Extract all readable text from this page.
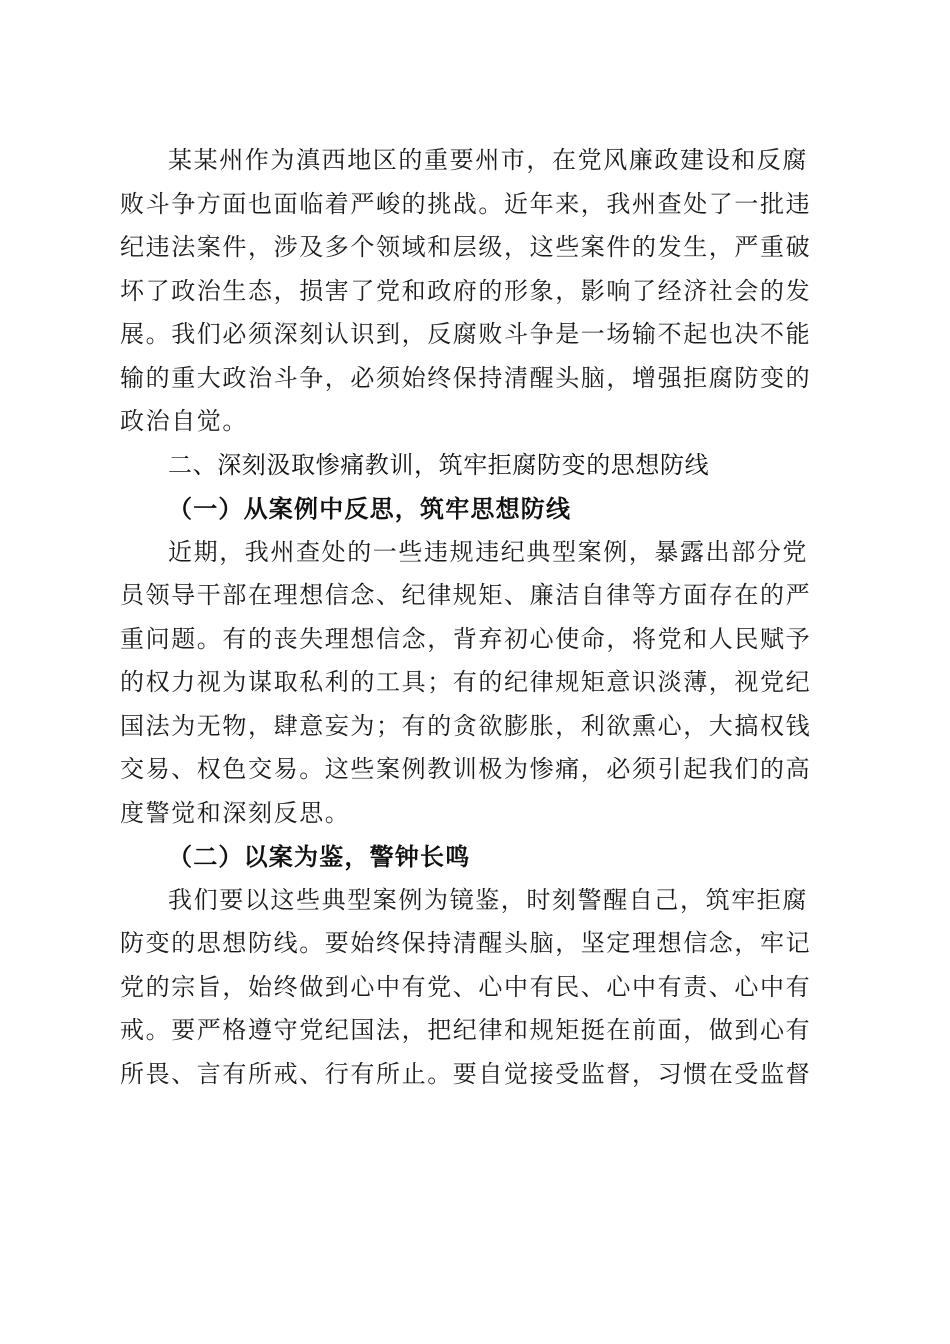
某某州作为滇西地区的重要州市，在党风廉政建设和反腐
败斗争方面也面临着严峻的挑战。近年来，我州查处了一批违
纪违法案件，涉及多个领域和层级，这些案件的发生，严重破
坏了政治生态，损害了党和政府的形象，影响了经济社会的发
展。我们必须深刻认识到，反腐败斗争是一场输不起也决不能
输的重大政治斗争，必须始终保持清醒头脑，增强拒腐防变的
政治自觉。

二、深刻汲取惨痛教训，筑牢拒腐防变的思想防线

（一）从案例中反思，筑牢思想防线

近期，我州查处的一些违规违纪典型案例，暴露出部分党
员领导干部在理想信念、纪律规矩、廉洁自律等方面存在的严
重问题。有的丧失理想信念，背弃初心使命，将党和人民赋予
的权力视为谋取私利的工具；有的纪律规矩意识淡薄，视党纪
国法为无物，肆意妄为；有的贪欲膨胀，利欲熏心，大搞权钱
交易、权色交易。这些案例教训极为惨痛，必须引起我们的高
度警觉和深刻反思。

（二）以案为鉴，警钟长鸣

我们要以这些典型案例为镜鉴，时刻警醒自己，筑牢拒腐
防变的思想防线。要始终保持清醒头脑，坚定理想信念，牢记
党的宗旨，始终做到心中有党、心中有民、心中有责、心中有
戒。要严格遵守党纪国法，把纪律和规矩挺在前面，做到心有
所畏、言有所戒、行有所止。要自觉接受监督，习惯在受监督
